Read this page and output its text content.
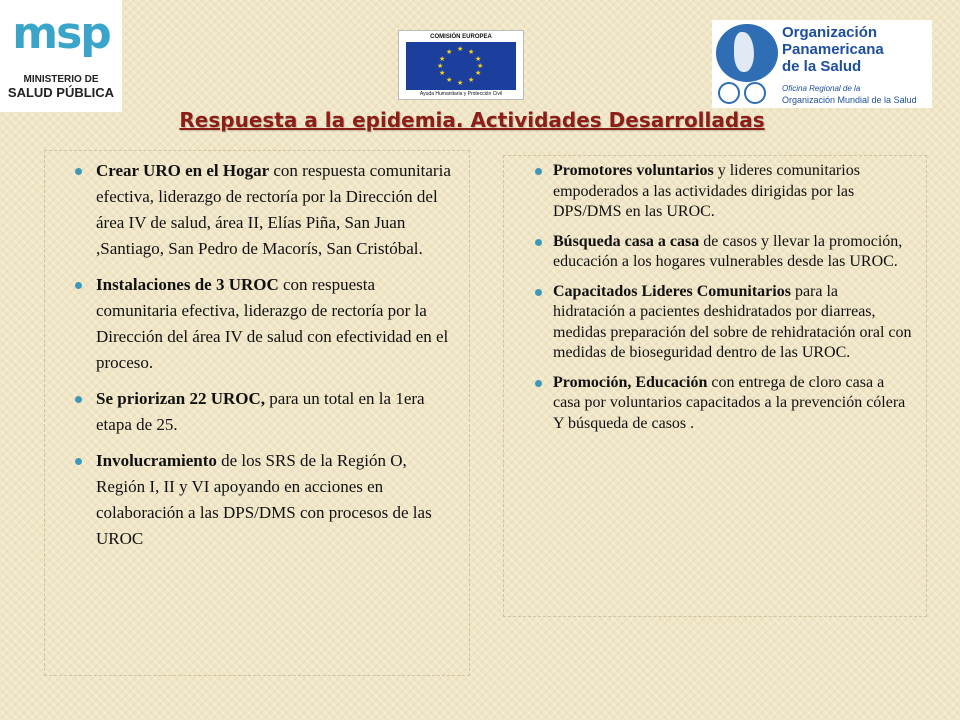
msp
MINISTERIO DE
SALUD PÚBLICA
COMISIÓN EUROPEA
★ ★
★
★
★
★
★
★
★
★
★
★
Ayuda Humanitaria y Protección Civil
Organización
Panamericana
de la Salud
Oficina Regional de la
Organización Mundial de la Salud
Respuesta a la epidemia. Actividades Desarrolladas
Crear URO en el Hogar con respuesta comunitaria efectiva, liderazgo de rectoría por la Dirección del área IV de salud, área II, Elías Piña, San Juan ,Santiago, San Pedro de Macorís, San Cristóbal.
Instalaciones de 3 UROC con respuesta comunitaria efectiva, liderazgo de rectoría por la Dirección del área IV de salud con efectividad en el proceso.
Se priorizan 22 UROC, para un total en la 1era etapa de 25.
Involucramiento de los SRS de la Región O, Región I, II y VI apoyando en acciones en colaboración a las DPS/DMS con procesos de las UROC
Promotores voluntarios y lideres comunitarios empoderados a las actividades dirigidas por las DPS/DMS en las UROC.
Búsqueda casa a casa de casos y llevar la promoción, educación a los hogares vulnerables desde las UROC.
Capacitados Lideres Comunitarios para la hidratación a pacientes deshidratados por diarreas, medidas preparación del sobre de rehidratación oral con medidas de bioseguridad dentro de las UROC.
Promoción, Educación con entrega de cloro casa a casa por voluntarios capacitados a la prevención cólera Y búsqueda de casos .
